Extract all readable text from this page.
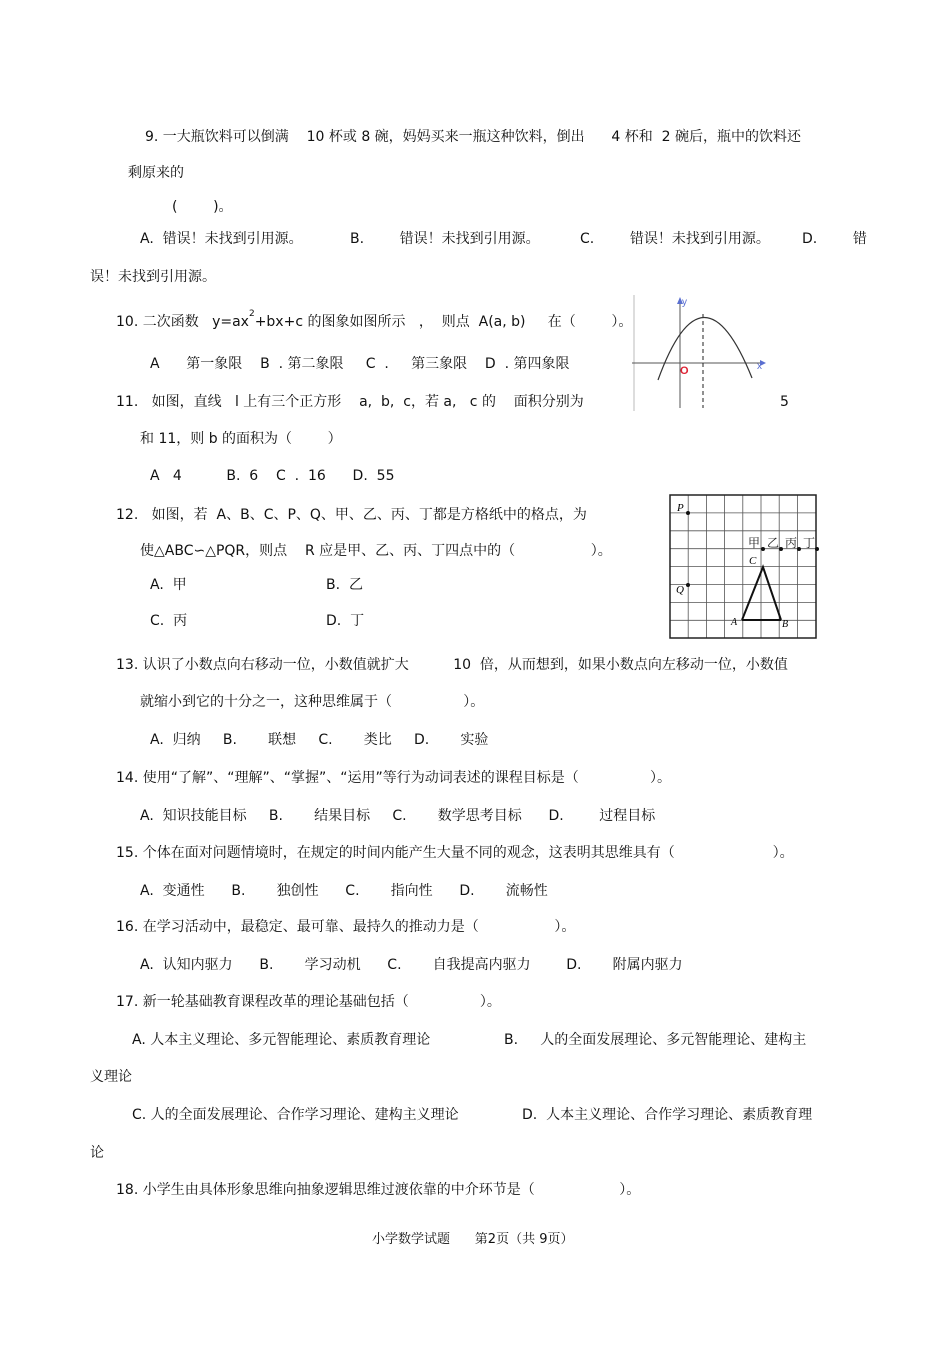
9. 一大瓶饮料可以倒满    10 杯或 8 碗，妈妈买来一瓶这种饮料，倒出      4 杯和  2 碗后，瓶中的饮料还
剩原来的
(        )。
A.  错误！未找到引用源。	B.        错误！未找到引用源。	C.        错误！未找到引用源。 D.        错
误！未找到引用源。
10. 二次函数   $y=ax^2+bx+c$ 的图象如图所示   ，  则点  A(a, b)     在（        ）。
A      第一象限    B  . 第二象限     C  .     第三象限    D  . 第四象限
y
x
O
11.   如图，直线   l 上有三个正方形    a,  b,  c，若 a,   c 的    面积分别为	5
和 11，则 b 的面积为（        ）
A   4          B.  6    C  .  16      D.  55
12.   如图，若  A、B、C、P、Q、甲、乙、丙、丁都是方格纸中的格点，为
使△ABC∽△PQR，则点    R 应是甲、乙、丙、丁四点中的（                 ）。
A.  甲	B.  乙
C.  丙	D.  丁
P
Q
A	B
C
甲 乙 丙 丁
13. 认识了小数点向右移动一位，小数值就扩大          10  倍，从而想到，如果小数点向左移动一位，小数值
就缩小到它的十分之一，这种思维属于（                ）。
A.  归纳     B.       联想     C.       类比     D.       实验
14. 使用“了解”、“理解”、“掌握”、“运用”等行为动词表述的课程目标是（                ）。
A.  知识技能目标     B.       结果目标     C.       数学思考目标      D.        过程目标
15. 个体在面对问题情境时，在规定的时间内能产生大量不同的观念，这表明其思维具有（                      ）。
A.  变通性      B.       独创性      C.       指向性      D.       流畅性
16. 在学习活动中，最稳定、最可靠、最持久的推动力是（                 ）。
A.  认知内驱力      B.       学习动机      C.       自我提高内驱力        D.       附属内驱力
17. 新一轮基础教育课程改革的理论基础包括（                ）。
A. 人本主义理论、多元智能理论、素质教育理论	B.     人的全面发展理论、多元智能理论、建构主
义理论
C. 人的全面发展理论、合作学习理论、建构主义理论	D.  人本主义理论、合作学习理论、素质教育理
论
18. 小学生由具体形象思维向抽象逻辑思维过渡依靠的中介环节是（                   ）。
小学数学试题      第2页（共 9页）
